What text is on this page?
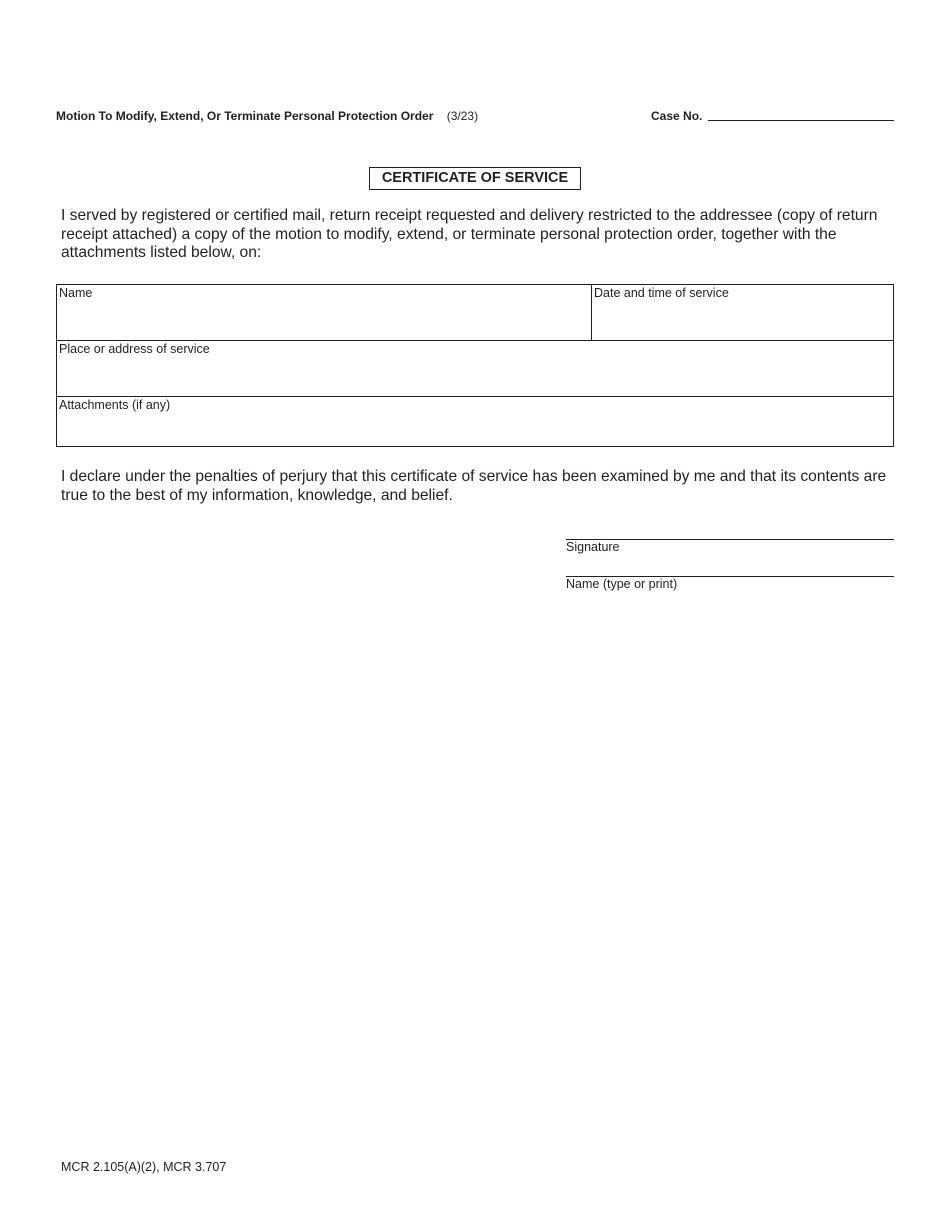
Motion To Modify, Extend, Or Terminate Personal Protection Order (3/23)	Case No.
CERTIFICATE OF SERVICE
I served by registered or certified mail, return receipt requested and delivery restricted to the addressee (copy of return receipt attached) a copy of the motion to modify, extend, or terminate personal protection order, together with the attachments listed below, on:
Name	Date and time of service
Place or address of service
Attachments (if any)
I declare under the penalties of perjury that this certificate of service has been examined by me and that its contents are true to the best of my information, knowledge, and belief.
Signature
Name (type or print)
MCR 2.105(A)(2), MCR 3.707
